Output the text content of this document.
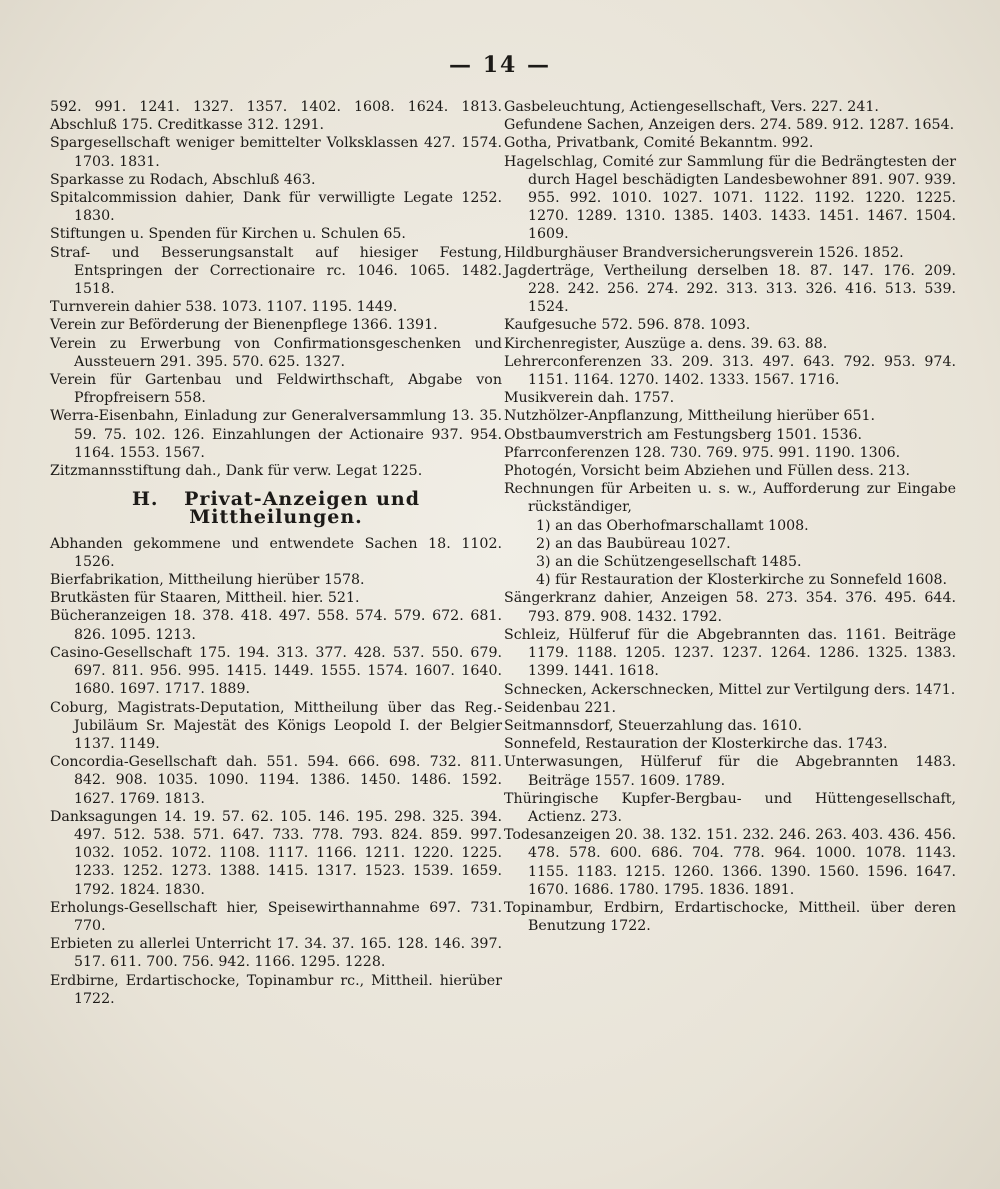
— 14 —

592. 991. 1241. 1327. 1357. 1402. 1608. 1624. 1813. Abschluß 175. Creditkasse 312. 1291.

Spargesellschaft weniger bemittelter Volksklassen 427. 1574. 1703. 1831.

Sparkasse zu Rodach, Abschluß 463.

Spitalcommission dahier, Dank für verwilligte Legate 1252. 1830.

Stiftungen u. Spenden für Kirchen u. Schulen 65.

Straf- und Besserungsanstalt auf hiesiger Festung, Entspringen der Correctionaire rc. 1046. 1065. 1482. 1518.

Turnverein dahier 538. 1073. 1107. 1195. 1449.

Verein zur Beförderung der Bienenpflege 1366. 1391.

Verein zu Erwerbung von Confirmationsgeschenken und Aussteuern 291. 395. 570. 625. 1327.

Verein für Gartenbau und Feldwirthschaft, Abgabe von Pfropfreisern 558.

Werra-Eisenbahn, Einladung zur Generalversammlung 13. 35. 59. 75. 102. 126. Einzahlungen der Actionaire 937. 954. 1164. 1553. 1567.

Zitzmannsstiftung dah., Dank für verw. Legat 1225.

H. Privat-Anzeigen und Mittheilungen.

Abhanden gekommene und entwendete Sachen 18. 1102. 1526.

Bierfabrikation, Mittheilung hierüber 1578.

Brutkästen für Staaren, Mittheil. hier. 521.

Bücheranzeigen 18. 378. 418. 497. 558. 574. 579. 672. 681. 826. 1095. 1213.

Casino-Gesellschaft 175. 194. 313. 377. 428. 537. 550. 679. 697. 811. 956. 995. 1415. 1449. 1555. 1574. 1607. 1640. 1680. 1697. 1717. 1889.

Coburg, Magistrats-Deputation, Mittheilung über das Reg.-Jubiläum Sr. Majestät des Königs Leopold I. der Belgier 1137. 1149.

Concordia-Gesellschaft dah. 551. 594. 666. 698. 732. 811. 842. 908. 1035. 1090. 1194. 1386. 1450. 1486. 1592. 1627. 1769. 1813.

Danksagungen 14. 19. 57. 62. 105. 146. 195. 298. 325. 394. 497. 512. 538. 571. 647. 733. 778. 793. 824. 859. 997. 1032. 1052. 1072. 1108. 1117. 1166. 1211. 1220. 1225. 1233. 1252. 1273. 1388. 1415. 1317. 1523. 1539. 1659. 1792. 1824. 1830.

Erholungs-Gesellschaft hier, Speisewirthannahme 697. 731. 770.

Erbieten zu allerlei Unterricht 17. 34. 37. 165. 128. 146. 397. 517. 611. 700. 756. 942. 1166. 1295. 1228.

Erdbirne, Erdartischocke, Topinambur rc., Mittheil. hierüber 1722.

Gasbeleuchtung, Actiengesellschaft, Vers. 227. 241.

Gefundene Sachen, Anzeigen ders. 274. 589. 912. 1287. 1654.

Gotha, Privatbank, Comité Bekanntm. 992.

Hagelschlag, Comité zur Sammlung für die Bedrängtesten der durch Hagel beschädigten Landesbewohner 891. 907. 939. 955. 992. 1010. 1027. 1071. 1122. 1192. 1220. 1225. 1270. 1289. 1310. 1385. 1403. 1433. 1451. 1467. 1504. 1609.

Hildburghäuser Brandversicherungsverein 1526. 1852.

Jagderträge, Vertheilung derselben 18. 87. 147. 176. 209. 228. 242. 256. 274. 292. 313. 313. 326. 416. 513. 539. 1524.

Kaufgesuche 572. 596. 878. 1093.

Kirchenregister, Auszüge a. dens. 39. 63. 88.

Lehrerconferenzen 33. 209. 313. 497. 643. 792. 953. 974. 1151. 1164. 1270. 1402. 1333. 1567. 1716.

Musikverein dah. 1757.

Nutzhölzer-Anpflanzung, Mittheilung hierüber 651.

Obstbaumverstrich am Festungsberg 1501. 1536.

Pfarrconferenzen 128. 730. 769. 975. 991. 1190. 1306.

Photogén, Vorsicht beim Abziehen und Füllen dess. 213.

Rechnungen für Arbeiten u. s. w., Aufforderung zur Eingabe rückständiger,

1) an das Oberhofmarschallamt 1008.

2) an das Baubüreau 1027.

3) an die Schützengesellschaft 1485.

4) für Restauration der Klosterkirche zu Sonnefeld 1608.

Sängerkranz dahier, Anzeigen 58. 273. 354. 376. 495. 644. 793. 879. 908. 1432. 1792.

Schleiz, Hülferuf für die Abgebrannten das. 1161. Beiträge 1179. 1188. 1205. 1237. 1237. 1264. 1286. 1325. 1383. 1399. 1441. 1618.

Schnecken, Ackerschnecken, Mittel zur Vertilgung ders. 1471.

Seidenbau 221.

Seitmannsdorf, Steuerzahlung das. 1610.

Sonnefeld, Restauration der Klosterkirche das. 1743.

Unterwasungen, Hülferuf für die Abgebrannten 1483. Beiträge 1557. 1609. 1789.

Thüringische Kupfer-Bergbau- und Hüttengesellschaft, Actienz. 273.

Todesanzeigen 20. 38. 132. 151. 232. 246. 263. 403. 436. 456. 478. 578. 600. 686. 704. 778. 964. 1000. 1078. 1143. 1155. 1183. 1215. 1260. 1366. 1390. 1560. 1596. 1647. 1670. 1686. 1780. 1795. 1836. 1891.

Topinambur, Erdbirn, Erdartischocke, Mittheil. über deren Benutzung 1722.
